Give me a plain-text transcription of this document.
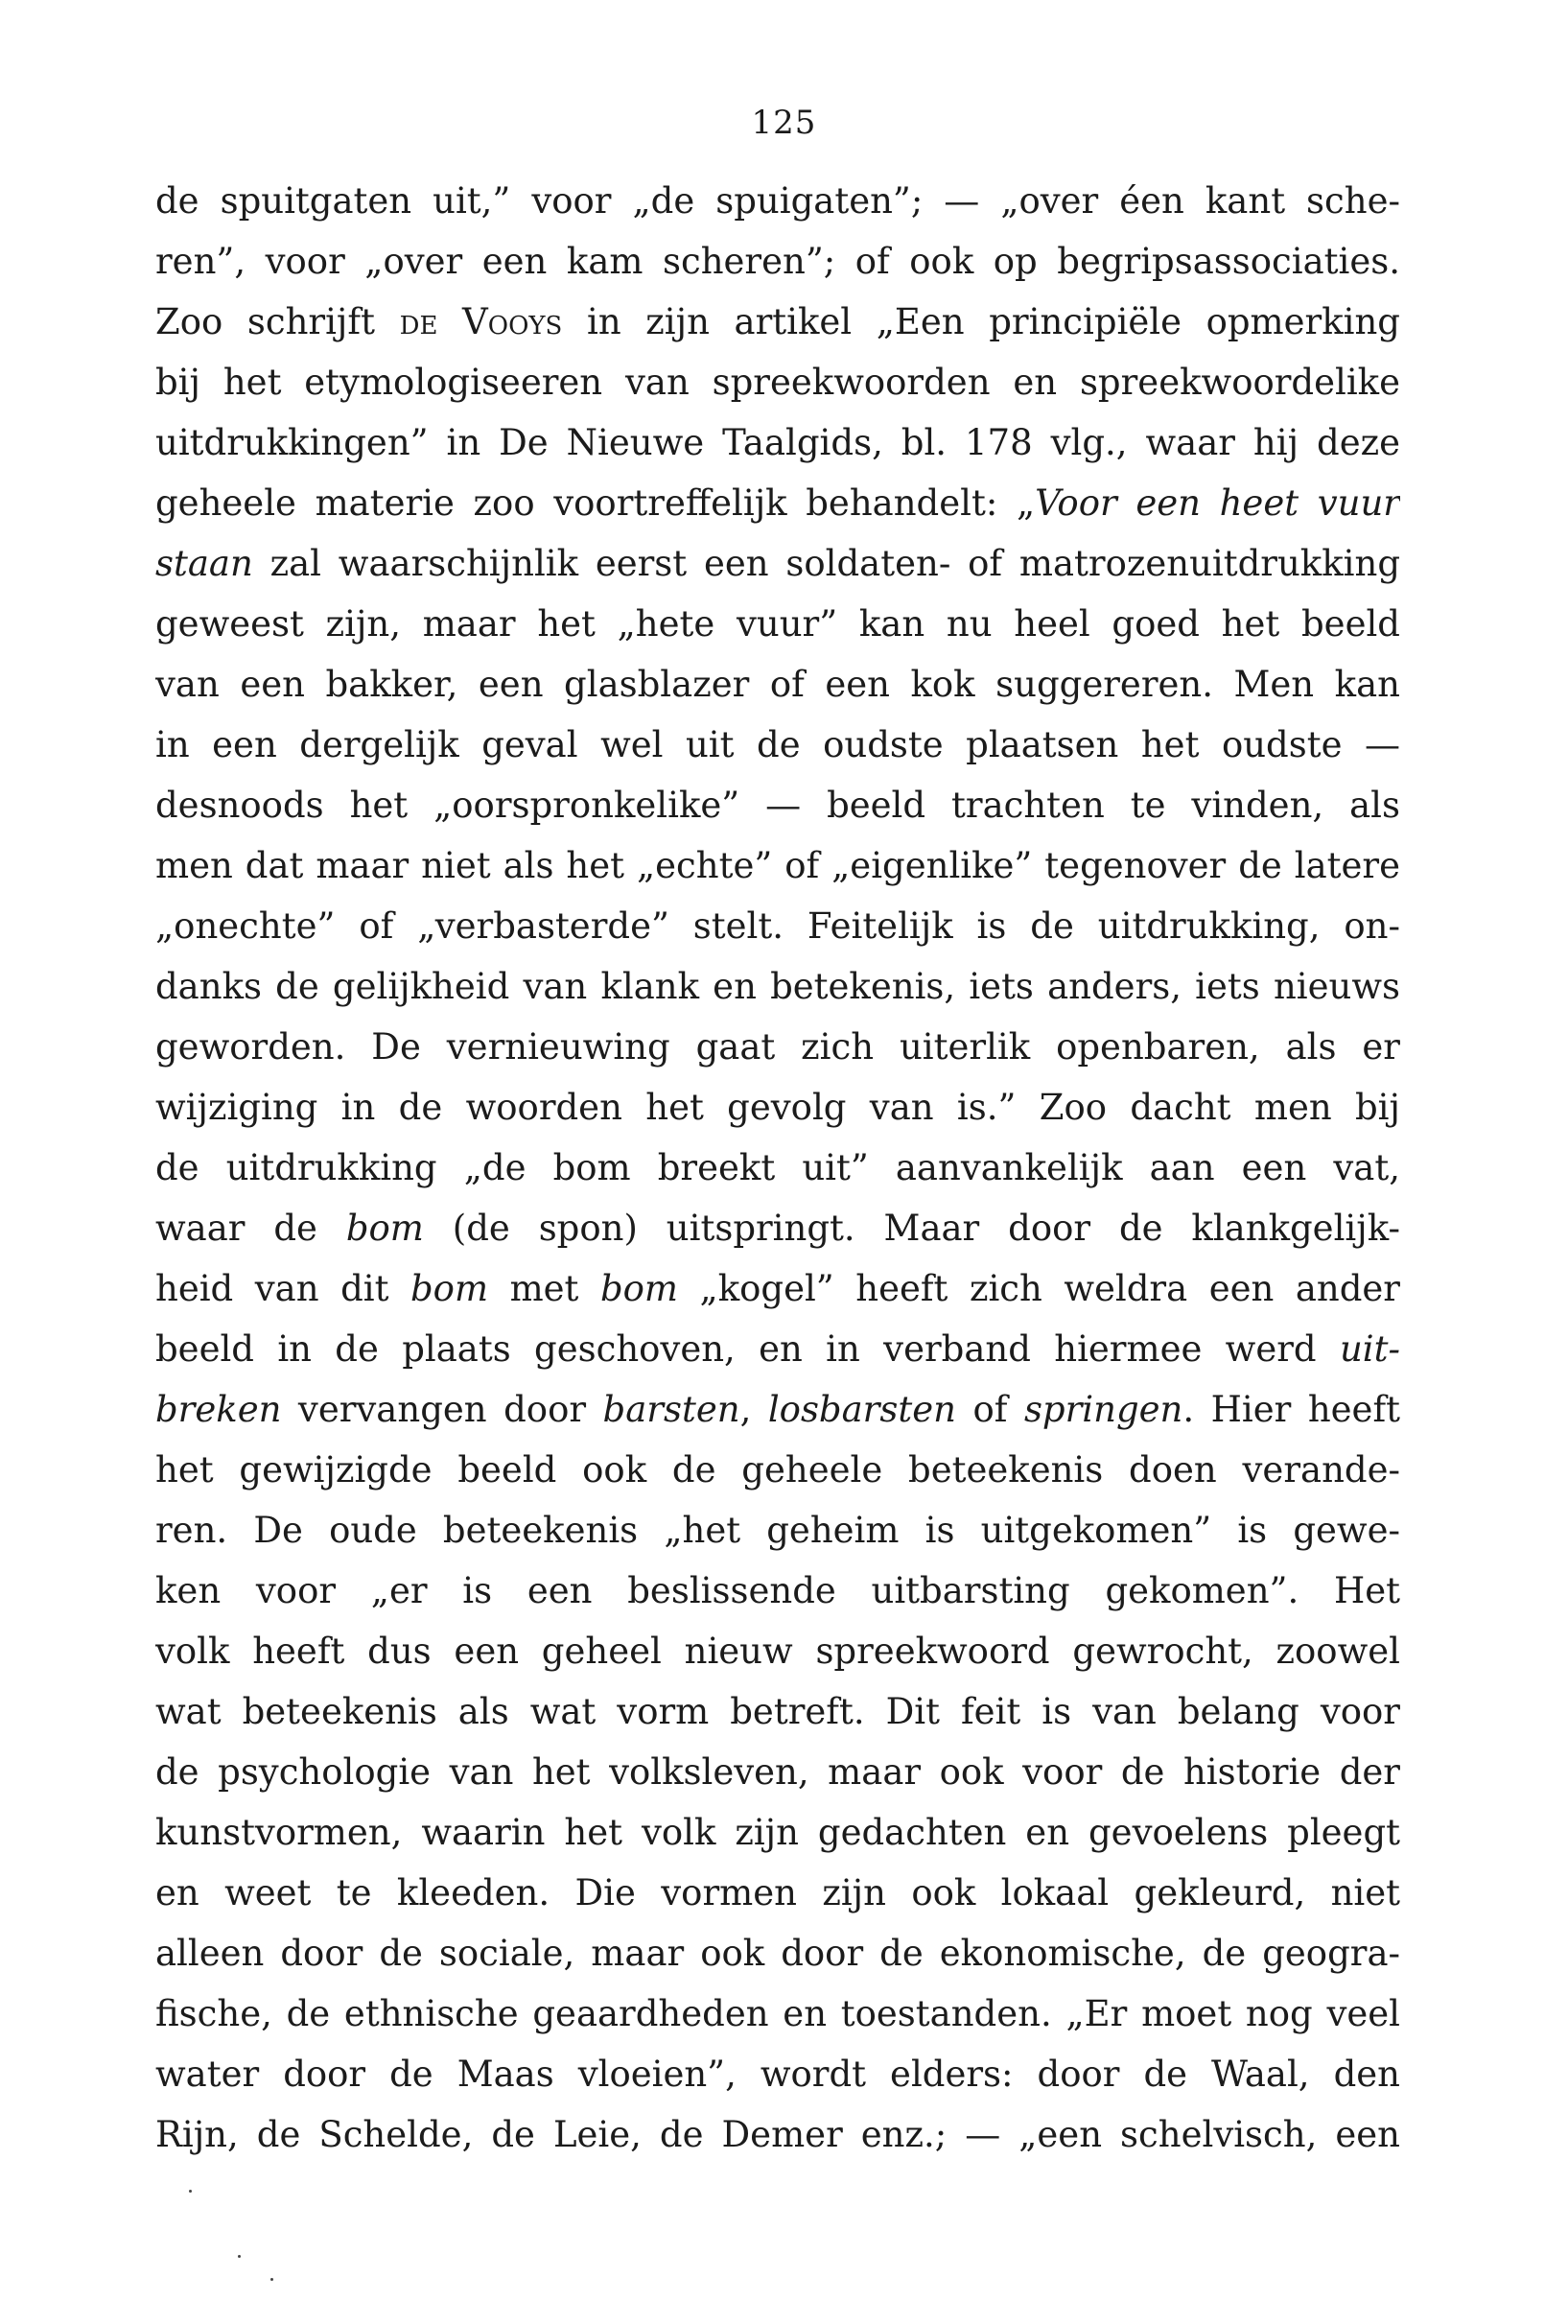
125
de spuitgaten uit,” voor „de spuigaten”; — „over éen kant sche-
ren”, voor „over een kam scheren”; of ook op begripsassociaties.
Zoo schrijft de Vooys in zijn artikel „Een principiële opmerking
bij het etymologiseeren van spreekwoorden en spreekwoordelike
uitdrukkingen” in De Nieuwe Taalgids, bl. 178 vlg., waar hij deze
geheele materie zoo voortreffelijk behandelt: „Voor een heet vuur
staan zal waarschijnlik eerst een soldaten- of matrozenuitdrukking
geweest zijn, maar het „hete vuur” kan nu heel goed het beeld
van een bakker, een glasblazer of een kok suggereren. Men kan
in een dergelijk geval wel uit de oudste plaatsen het oudste —
desnoods het „oorspronkelike” — beeld trachten te vinden, als
men dat maar niet als het „echte” of „eigenlike” tegenover de latere
„onechte” of „verbasterde” stelt. Feitelijk is de uitdrukking, on-
danks de gelijkheid van klank en betekenis, iets anders, iets nieuws
geworden. De vernieuwing gaat zich uiterlik openbaren, als er
wijziging in de woorden het gevolg van is.” Zoo dacht men bij
de uitdrukking „de bom breekt uit” aanvankelijk aan een vat,
waar de bom (de spon) uitspringt. Maar door de klankgelijk-
heid van dit bom met bom „kogel” heeft zich weldra een ander
beeld in de plaats geschoven, en in verband hiermee werd uit-
breken vervangen door barsten, losbarsten of springen. Hier heeft
het gewijzigde beeld ook de geheele beteekenis doen verande-
ren. De oude beteekenis „het geheim is uitgekomen” is gewe-
ken voor „er is een beslissende uitbarsting gekomen”. Het
volk heeft dus een geheel nieuw spreekwoord gewrocht, zoowel
wat beteekenis als wat vorm betreft. Dit feit is van belang voor
de psychologie van het volksleven, maar ook voor de historie der
kunstvormen, waarin het volk zijn gedachten en gevoelens pleegt
en weet te kleeden. Die vormen zijn ook lokaal gekleurd, niet
alleen door de sociale, maar ook door de ekonomische, de geogra-
fische, de ethnische geaardheden en toestanden. „Er moet nog veel
water door de Maas vloeien”, wordt elders: door de Waal, den
Rijn, de Schelde, de Leie, de Demer enz.; — „een schelvisch, een
